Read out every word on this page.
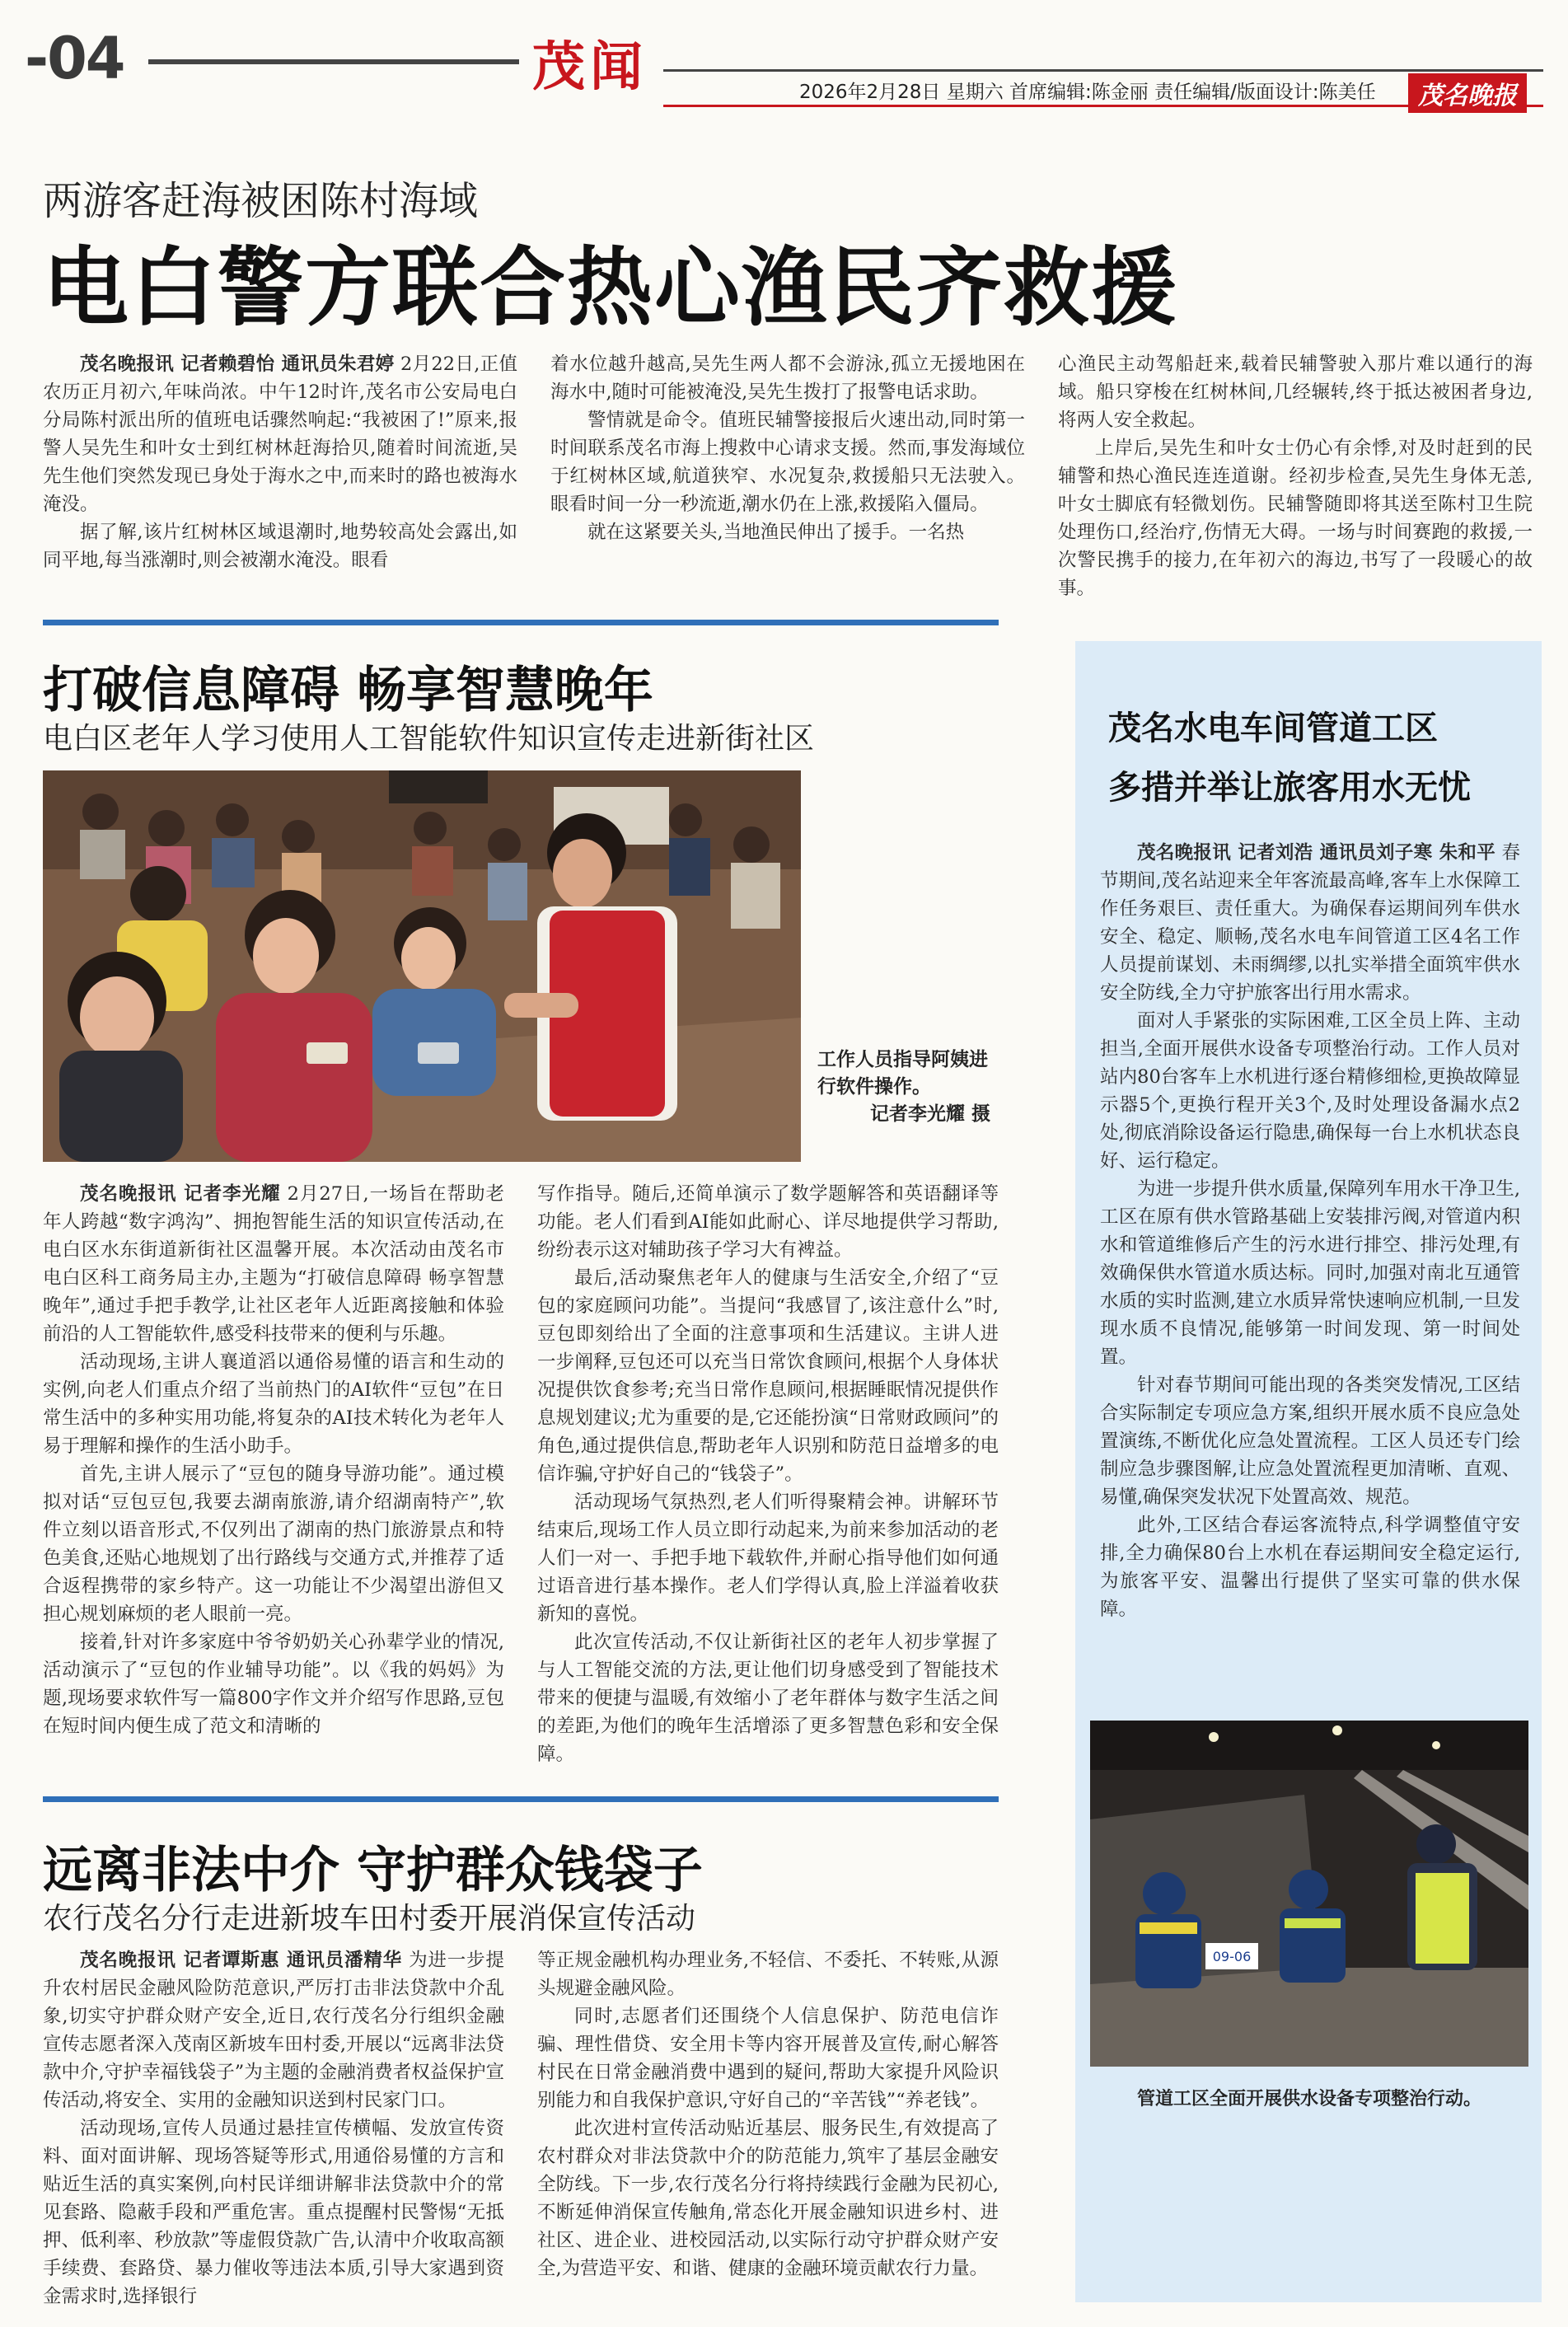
-04	茂闻	2026年2月28日 星期六 首席编辑:陈金丽 责任编辑/版面设计:陈美任	茂名晚报
两游客赶海被困陈村海域
电白警方联合热心渔民齐救援

茂名晚报讯 记者赖碧怡 通讯员朱君婷 2月22日,正值农历正月初六,年味尚浓。中午12时许,茂名市公安局电白分局陈村派出所的值班电话骤然响起:“我被困了!”原来,报警人吴先生和叶女士到红树林赶海拾贝,随着时间流逝,吴先生他们突然发现已身处于海水之中,而来时的路也被海水淹没。

据了解,该片红树林区域退潮时,地势较高处会露出,如同平地,每当涨潮时,则会被潮水淹没。眼看

着水位越升越高,吴先生两人都不会游泳,孤立无援地困在海水中,随时可能被淹没,吴先生拨打了报警电话求助。

警情就是命令。值班民辅警接报后火速出动,同时第一时间联系茂名市海上搜救中心请求支援。然而,事发海域位于红树林区域,航道狭窄、水况复杂,救援船只无法驶入。眼看时间一分一秒流逝,潮水仍在上涨,救援陷入僵局。

就在这紧要关头,当地渔民伸出了援手。一名热

心渔民主动驾船赶来,载着民辅警驶入那片难以通行的海域。船只穿梭在红树林间,几经辗转,终于抵达被困者身边,将两人安全救起。

上岸后,吴先生和叶女士仍心有余悸,对及时赶到的民辅警和热心渔民连连道谢。经初步检查,吴先生身体无恙,叶女士脚底有轻微划伤。民辅警随即将其送至陈村卫生院处理伤口,经治疗,伤情无大碍。一场与时间赛跑的救援,一次警民携手的接力,在年初六的海边,书写了一段暖心的故事。

打破信息障碍 畅享智慧晚年
电白区老年人学习使用人工智能软件知识宣传走进新街社区
工作人员指导阿姨进行软件操作。
记者李光耀 摄

茂名晚报讯 记者李光耀 2月27日,一场旨在帮助老年人跨越“数字鸿沟”、拥抱智能生活的知识宣传活动,在电白区水东街道新街社区温馨开展。本次活动由茂名市电白区科工商务局主办,主题为“打破信息障碍 畅享智慧晚年”,通过手把手教学,让社区老年人近距离接触和体验前沿的人工智能软件,感受科技带来的便利与乐趣。

活动现场,主讲人襄道滔以通俗易懂的语言和生动的实例,向老人们重点介绍了当前热门的AI软件“豆包”在日常生活中的多种实用功能,将复杂的AI技术转化为老年人易于理解和操作的生活小助手。

首先,主讲人展示了“豆包的随身导游功能”。通过模拟对话“豆包豆包,我要去湖南旅游,请介绍湖南特产”,软件立刻以语音形式,不仅列出了湖南的热门旅游景点和特色美食,还贴心地规划了出行路线与交通方式,并推荐了适合返程携带的家乡特产。这一功能让不少渴望出游但又担心规划麻烦的老人眼前一亮。

接着,针对许多家庭中爷爷奶奶关心孙辈学业的情况,活动演示了“豆包的作业辅导功能”。以《我的妈妈》为题,现场要求软件写一篇800字作文并介绍写作思路,豆包在短时间内便生成了范文和清晰的

写作指导。随后,还简单演示了数学题解答和英语翻译等功能。老人们看到AI能如此耐心、详尽地提供学习帮助,纷纷表示这对辅助孩子学习大有裨益。

最后,活动聚焦老年人的健康与生活安全,介绍了“豆包的家庭顾问功能”。当提问“我感冒了,该注意什么”时,豆包即刻给出了全面的注意事项和生活建议。主讲人进一步阐释,豆包还可以充当日常饮食顾问,根据个人身体状况提供饮食参考;充当日常作息顾问,根据睡眠情况提供作息规划建议;尤为重要的是,它还能扮演“日常财政顾问”的角色,通过提供信息,帮助老年人识别和防范日益增多的电信诈骗,守护好自己的“钱袋子”。

活动现场气氛热烈,老人们听得聚精会神。讲解环节结束后,现场工作人员立即行动起来,为前来参加活动的老人们一对一、手把手地下载软件,并耐心指导他们如何通过语音进行基本操作。老人们学得认真,脸上洋溢着收获新知的喜悦。

此次宣传活动,不仅让新街社区的老年人初步掌握了与人工智能交流的方法,更让他们切身感受到了智能技术带来的便捷与温暖,有效缩小了老年群体与数字生活之间的差距,为他们的晚年生活增添了更多智慧色彩和安全保障。

远离非法中介 守护群众钱袋子
农行茂名分行走进新坡车田村委开展消保宣传活动

茂名晚报讯 记者谭斯惠 通讯员潘精华 为进一步提升农村居民金融风险防范意识,严厉打击非法贷款中介乱象,切实守护群众财产安全,近日,农行茂名分行组织金融宣传志愿者深入茂南区新坡车田村委,开展以“远离非法贷款中介,守护幸福钱袋子”为主题的金融消费者权益保护宣传活动,将安全、实用的金融知识送到村民家门口。

活动现场,宣传人员通过悬挂宣传横幅、发放宣传资料、面对面讲解、现场答疑等形式,用通俗易懂的方言和贴近生活的真实案例,向村民详细讲解非法贷款中介的常见套路、隐蔽手段和严重危害。重点提醒村民警惕“无抵押、低利率、秒放款”等虚假贷款广告,认清中介收取高额手续费、套路贷、暴力催收等违法本质,引导大家遇到资金需求时,选择银行

等正规金融机构办理业务,不轻信、不委托、不转账,从源头规避金融风险。

同时,志愿者们还围绕个人信息保护、防范电信诈骗、理性借贷、安全用卡等内容开展普及宣传,耐心解答村民在日常金融消费中遇到的疑问,帮助大家提升风险识别能力和自我保护意识,守好自己的“辛苦钱”“养老钱”。

此次进村宣传活动贴近基层、服务民生,有效提高了农村群众对非法贷款中介的防范能力,筑牢了基层金融安全防线。下一步,农行茂名分行将持续践行金融为民初心,不断延伸消保宣传触角,常态化开展金融知识进乡村、进社区、进企业、进校园活动,以实际行动守护群众财产安全,为营造平安、和谐、健康的金融环境贡献农行力量。

茂名水电车间管道工区
多措并举让旅客用水无忧

茂名晚报讯 记者刘浩 通讯员刘子寒 朱和平 春节期间,茂名站迎来全年客流最高峰,客车上水保障工作任务艰巨、责任重大。为确保春运期间列车供水安全、稳定、顺畅,茂名水电车间管道工区4名工作人员提前谋划、未雨绸缪,以扎实举措全面筑牢供水安全防线,全力守护旅客出行用水需求。

面对人手紧张的实际困难,工区全员上阵、主动担当,全面开展供水设备专项整治行动。工作人员对站内80台客车上水机进行逐台精修细检,更换故障显示器5个,更换行程开关3个,及时处理设备漏水点2处,彻底消除设备运行隐患,确保每一台上水机状态良好、运行稳定。

为进一步提升供水质量,保障列车用水干净卫生,工区在原有供水管路基础上安装排污阀,对管道内积水和管道维修后产生的污水进行排空、排污处理,有效确保供水管道水质达标。同时,加强对南北互通管水质的实时监测,建立水质异常快速响应机制,一旦发现水质不良情况,能够第一时间发现、第一时间处置。

针对春节期间可能出现的各类突发情况,工区结合实际制定专项应急方案,组织开展水质不良应急处置演练,不断优化应急处置流程。工区人员还专门绘制应急步骤图解,让应急处置流程更加清晰、直观、易懂,确保突发状况下处置高效、规范。

此外,工区结合春运客流特点,科学调整值守安排,全力确保80台上水机在春运期间安全稳定运行,为旅客平安、温馨出行提供了坚实可靠的供水保障。

09-06
管道工区全面开展供水设备专项整治行动。
